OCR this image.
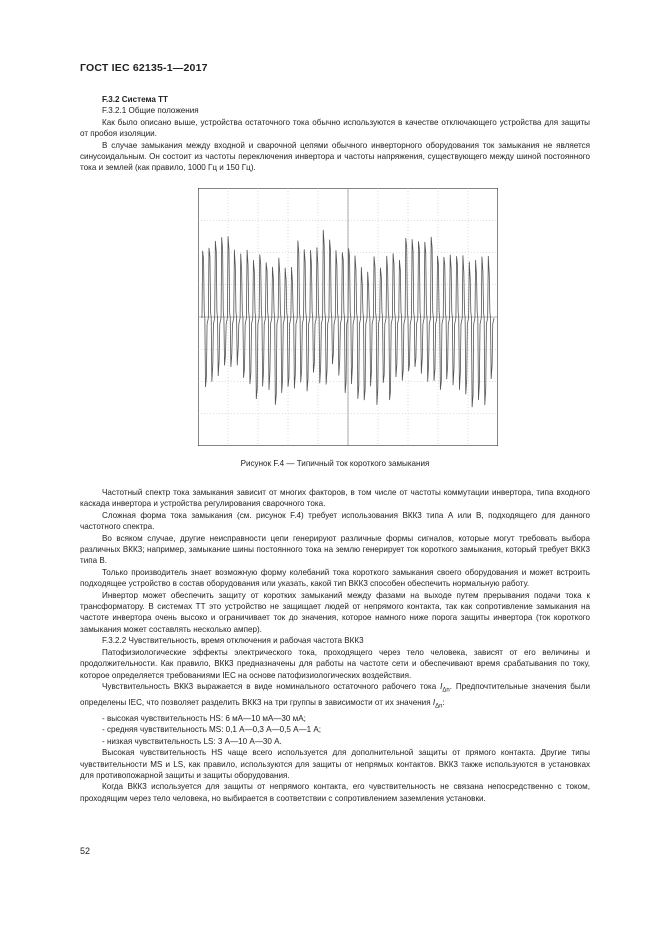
ГОСТ IEC 62135-1—2017

F.3.2 Система ТТ

F.3.2.1 Общие положения

Как было описано выше, устройства остаточного тока обычно используются в качестве отключающего устройства для защиты от пробоя изоляции.

В случае замыкания между входной и сварочной цепями обычного инверторного оборудования ток замыкания не является синусоидальным. Он состоит из частоты переключения инвертора и частоты напряжения, существующего между шиной постоянного тока и землей (как правило, 1000 Гц и 150 Гц).

Рисунок F.4 — Типичный ток короткого замыкания

Частотный спектр тока замыкания зависит от многих факторов, в том числе от частоты коммутации инвертора, типа входного каскада инвертора и устройства регулирования сварочного тока.

Сложная форма тока замыкания (см. рисунок F.4) требует использования ВКК3 типа А или В, подходящего для данного частотного спектра.

Во всяком случае, другие неисправности цепи генерируют различные формы сигналов, которые могут требовать выбора различных ВКК3; например, замыкание шины постоянного тока на землю генерирует ток короткого замыкания, который требует ВКК3 типа В.

Только производитель знает возможную форму колебаний тока короткого замыкания своего оборудования и может встроить подходящее устройство в состав оборудования или указать, какой тип ВКК3 способен обеспечить нормальную работу.

Инвертор может обеспечить защиту от коротких замыканий между фазами на выходе путем прерывания подачи тока к трансформатору. В системах ТТ это устройство не защищает людей от непрямого контакта, так как сопротивление замыкания на частоте инвертора очень высоко и ограничивает ток до значения, которое намного ниже порога защиты инвертора (ток короткого замыкания может составлять несколько ампер).

F.3.2.2 Чувствительность, время отключения и рабочая частота ВКК3

Патофизиологические эффекты электрического тока, проходящего через тело человека, зависят от его величины и продолжительности. Как правило, ВКК3 предназначены для работы на частоте сети и обеспечивают время срабатывания по току, которое определяется требованиями IEC на основе патофизиологических воздействия.

Чувствительность ВКК3 выражается в виде номинального остаточного рабочего тока $I_{\Delta n}$. Предпочтительные значения были определены IEC, что позволяет разделить ВКК3 на три группы в зависимости от их значения $I_{\Delta n}$:

- высокая чувствительность HS: 6 мА—10 мА—30 мА;

- средняя чувствительность MS: 0,1 А—0,3 А—0,5 А—1 А;

- низкая чувствительность LS: 3 А—10 А—30 А.

Высокая чувствительность HS чаще всего используется для дополнительной защиты от прямого контакта. Другие типы чувствительности MS и LS, как правило, используются для защиты от непрямых контактов. ВКК3 также используются в установках для противопожарной защиты и защиты оборудования.

Когда ВКК3 используется для защиты от непрямого контакта, его чувствительность не связана непосредственно с током, проходящим через тело человека, но выбирается в соответствии с сопротивлением заземления установки.

52
